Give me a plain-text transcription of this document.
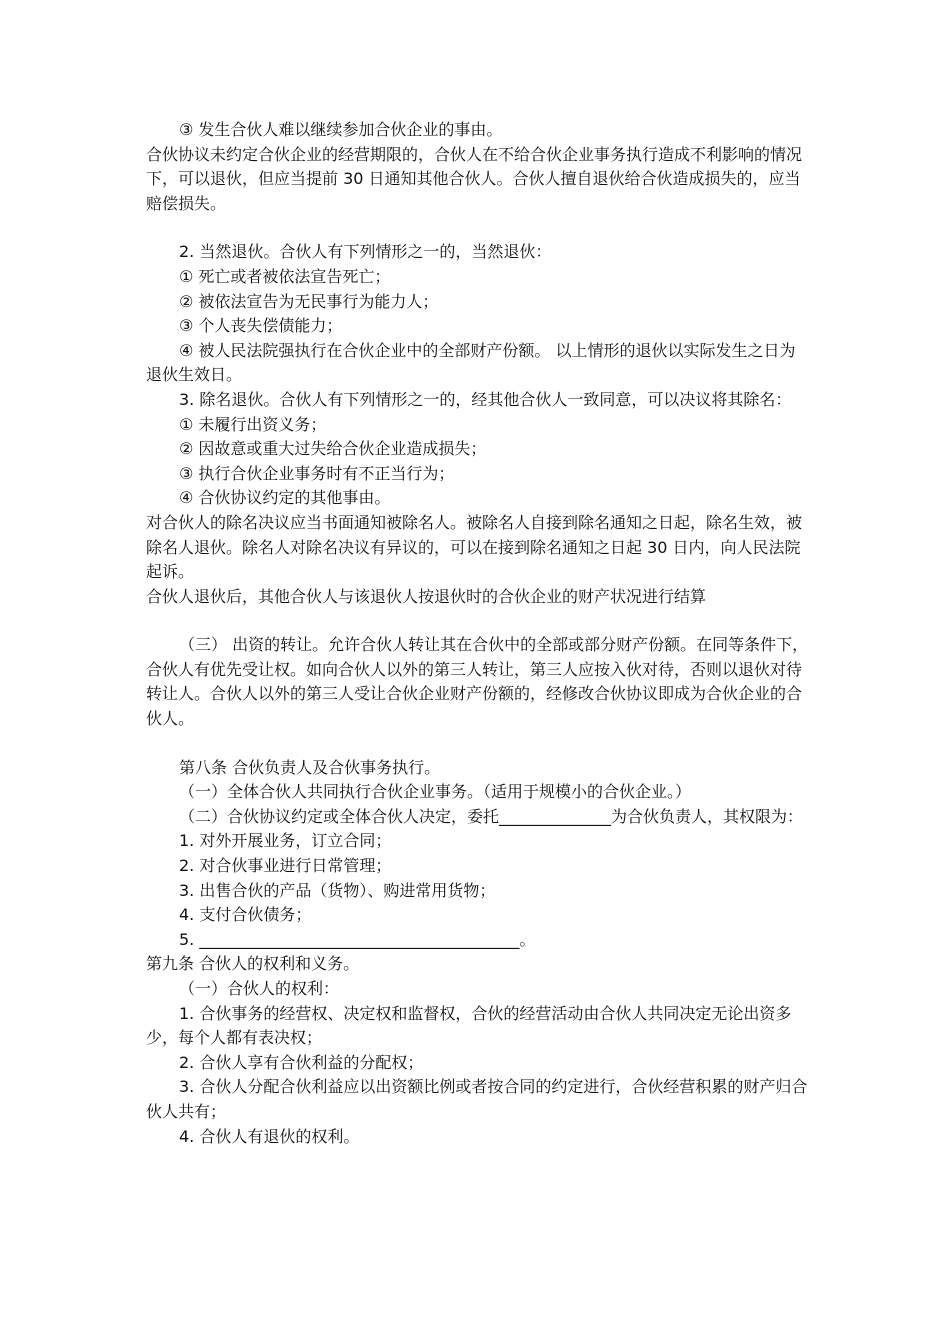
③ 发生合伙人难以继续参加合伙企业的事由。

合伙协议未约定合伙企业的经营期限的，合伙人在不给合伙企业事务执行造成不利影响的情况下，可以退伙，但应当提前 30 日通知其他合伙人。合伙人擅自退伙给合伙造成损失的，应当赔偿损失。

2. 当然退伙。合伙人有下列情形之一的，当然退伙：

① 死亡或者被依法宣告死亡；

② 被依法宣告为无民事行为能力人；

③ 个人丧失偿债能力；

④ 被人民法院强执行在合伙企业中的全部财产份额。 以上情形的退伙以实际发生之日为退伙生效日。

3. 除名退伙。合伙人有下列情形之一的，经其他合伙人一致同意，可以决议将其除名：

① 未履行出资义务；

② 因故意或重大过失给合伙企业造成损失；

③ 执行合伙企业事务时有不正当行为；

④ 合伙协议约定的其他事由。

对合伙人的除名决议应当书面通知被除名人。被除名人自接到除名通知之日起，除名生效，被除名人退伙。除名人对除名决议有异议的，可以在接到除名通知之日起 30 日内，向人民法院起诉。

合伙人退伙后，其他合伙人与该退伙人按退伙时的合伙企业的财产状况进行结算

（三） 出资的转让。允许合伙人转让其在合伙中的全部或部分财产份额。在同等条件下，合伙人有优先受让权。如向合伙人以外的第三人转让，第三人应按入伙对待，否则以退伙对待转让人。合伙人以外的第三人受让合伙企业财产份额的，经修改合伙协议即成为合伙企业的合伙人。

第八条 合伙负责人及合伙事务执行。

（一）全体合伙人共同执行合伙企业事务。（适用于规模小的合伙企业。）

（二）合伙协议约定或全体合伙人决定，委托______________为合伙负责人，其权限为：

1. 对外开展业务，订立合同；

2. 对合伙事业进行日常管理；

3. 出售合伙的产品（货物）、购进常用货物；

4. 支付合伙债务；

5. ________________________________________。

第九条 合伙人的权利和义务。

（一）合伙人的权利：

1. 合伙事务的经营权、决定权和监督权，合伙的经营活动由合伙人共同决定无论出资多少，每个人都有表决权；

2. 合伙人享有合伙利益的分配权；

3. 合伙人分配合伙利益应以出资额比例或者按合同的约定进行，合伙经营积累的财产归合伙人共有；

4. 合伙人有退伙的权利。
